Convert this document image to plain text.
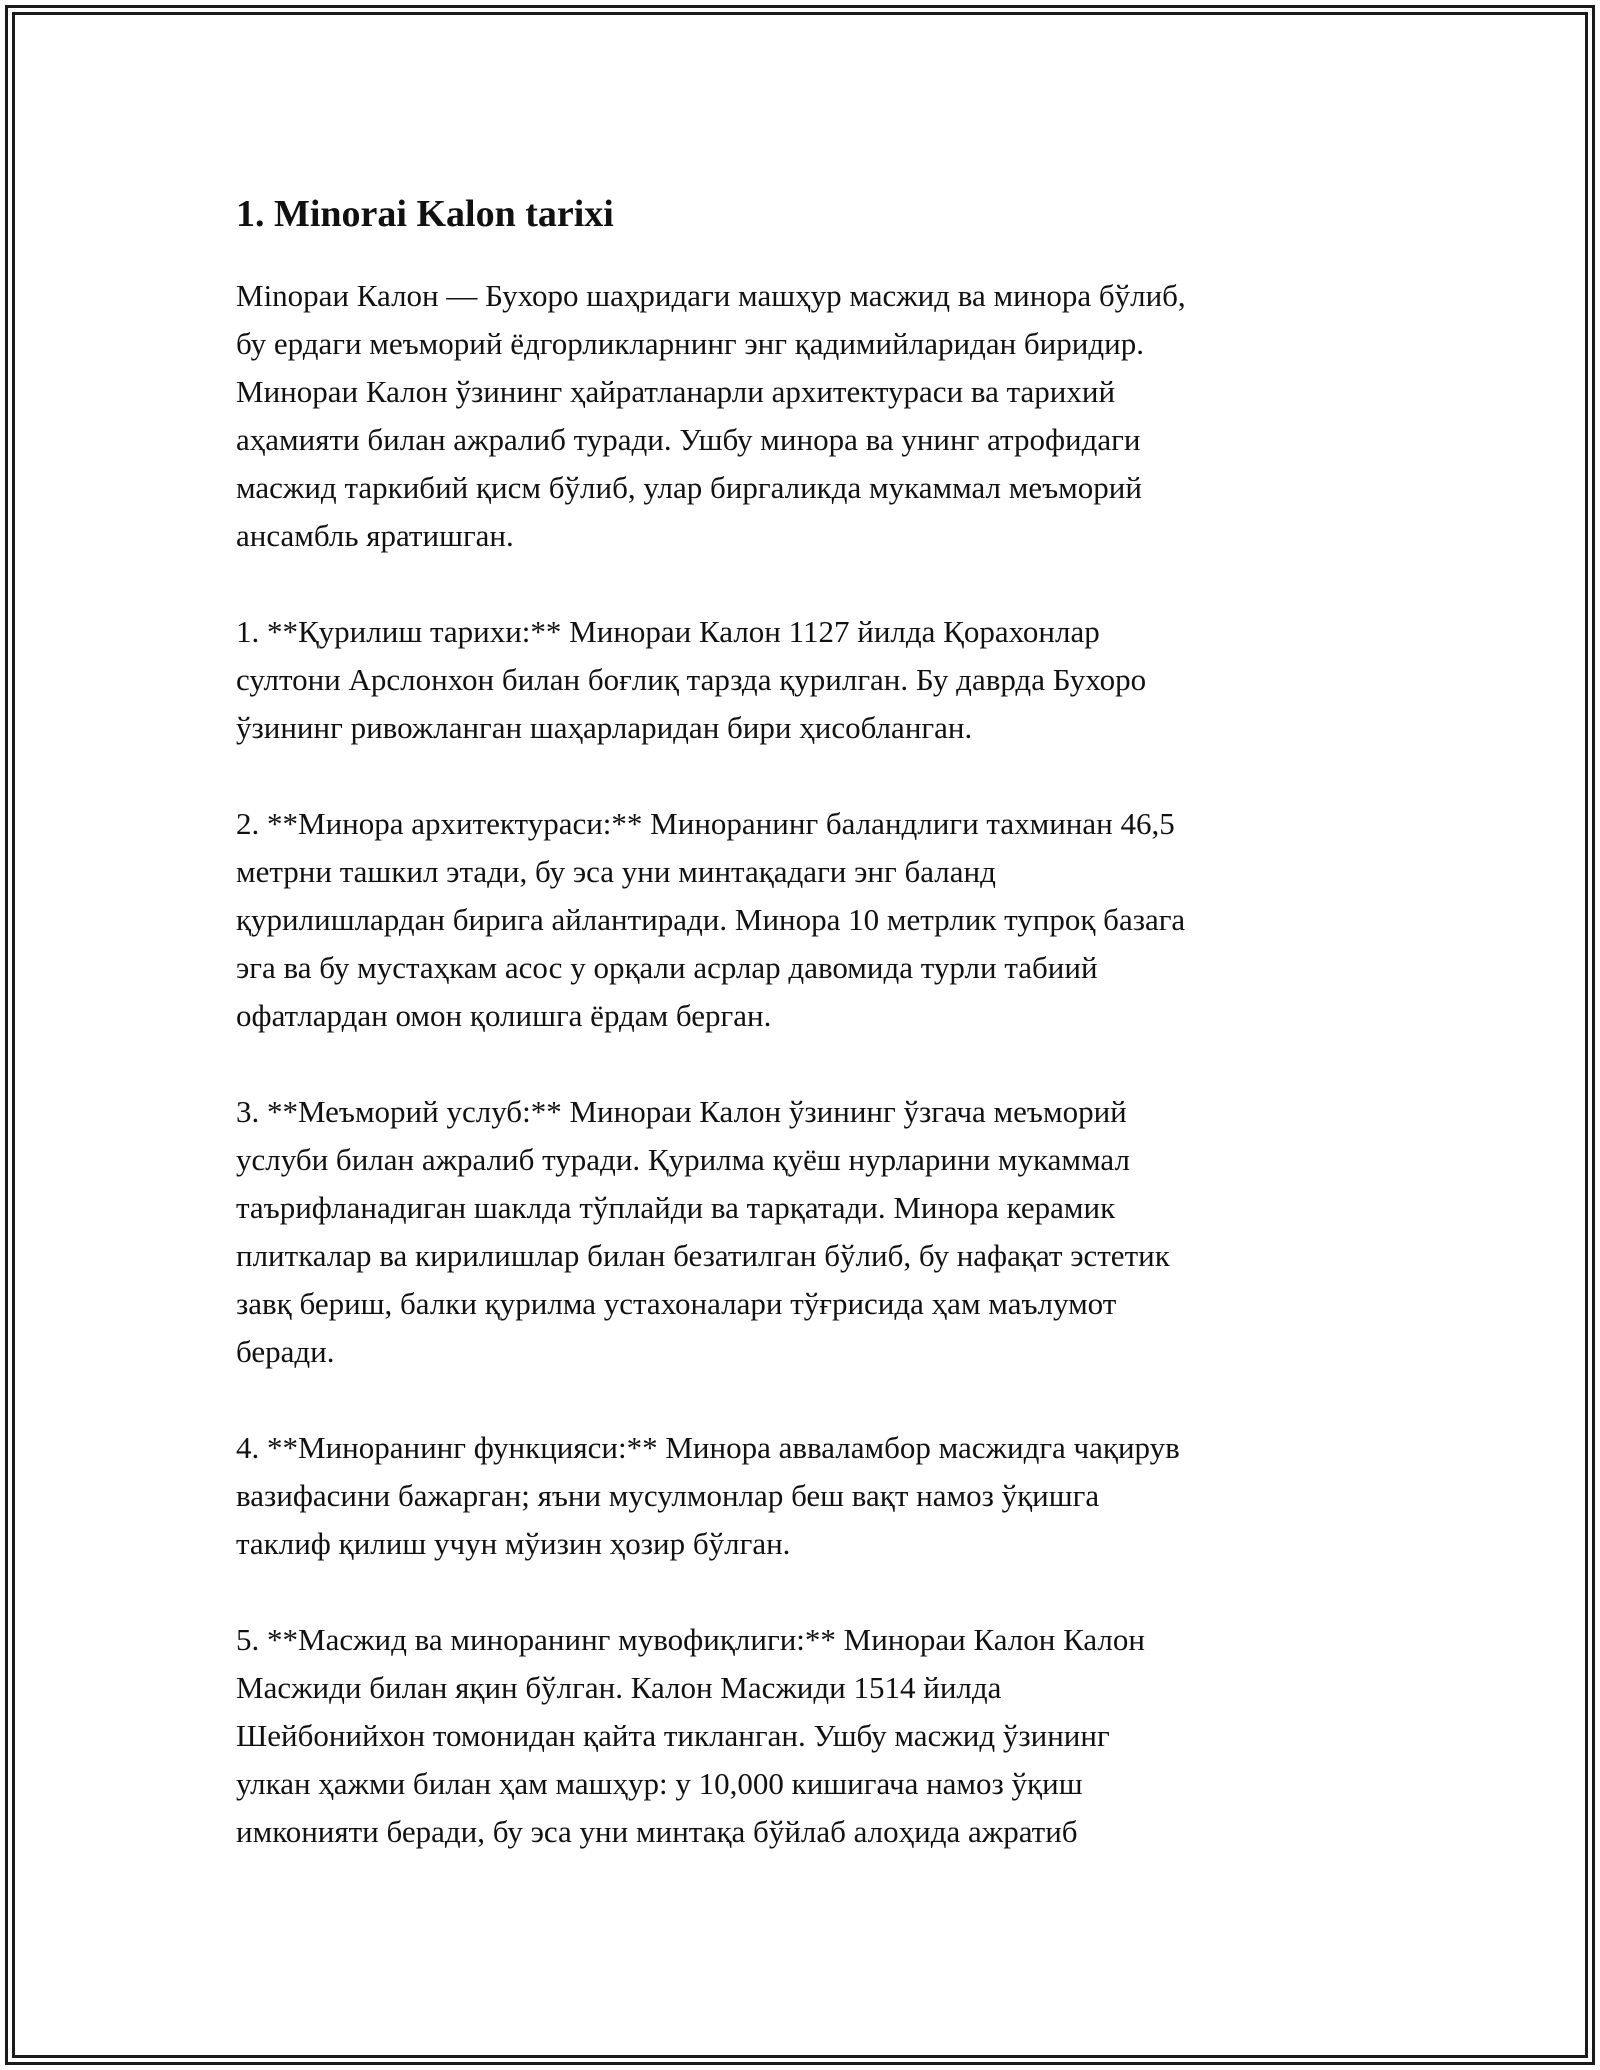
1. Minorai Kalon tarixi

Mіnораи Калон — Бухоро шаҳридаги машҳур масжид ва минора бўлиб,
бу ердаги меъморий ёдгорликларнинг энг қадимийларидан биридир.
Минораи Калон ўзининг ҳайратланарли архитектураси ва тарихий
аҳамияти билан ажралиб туради. Ушбу минора ва унинг атрофидаги
масжид таркибий қисм бўлиб, улар биргаликда мукаммал меъморий
ансамбль яратишган.

1. **Қурилиш тарихи:** Минораи Калон 1127 йилда Қорахонлар
султони Арслонхон билан боғлиқ тарзда қурилган. Бу даврда Бухоро
ўзининг ривожланган шаҳарларидан бири ҳисобланган.

2. **Минора архитектураси:** Миноранинг баландлиги тахминан 46,5
метрни ташкил этади, бу эса уни минтақадаги энг баланд
қурилишлардан бирига айлантиради. Минора 10 метрлик тупроқ базага
эга ва бу мустаҳкам асос у орқали асрлар давомида турли табиий
офатлардан омон қолишга ёрдам берган.

3. **Меъморий услуб:** Минораи Калон ўзининг ўзгача меъморий
услуби билан ажралиб туради. Қурилма қуёш нурларини мукаммал
таърифланадиган шаклда тўплайди ва тарқатади. Минора керамик
плиткалар ва кирилишлар билан безатилган бўлиб, бу нафақат эстетик
завқ бериш, балки қурилма устахоналари тўғрисида ҳам маълумот
беради.

4. **Миноранинг функцияси:** Минора авваламбор масжидга чақирув
вазифасини бажарган; яъни мусулмонлар беш вақт намоз ўқишга
таклиф қилиш учун мўизин ҳозир бўлган.

5. **Масжид ва миноранинг мувофиқлиги:** Минораи Калон Калон
Масжиди билан яқин бўлган. Калон Масжиди 1514 йилда
Шейбонийхон томонидан қайта тикланган. Ушбу масжид ўзининг
улкан ҳажми билан ҳам машҳур: у 10,000 кишигача намоз ўқиш
имконияти беради, бу эса уни минтақа бўйлаб алоҳида ажратиб
